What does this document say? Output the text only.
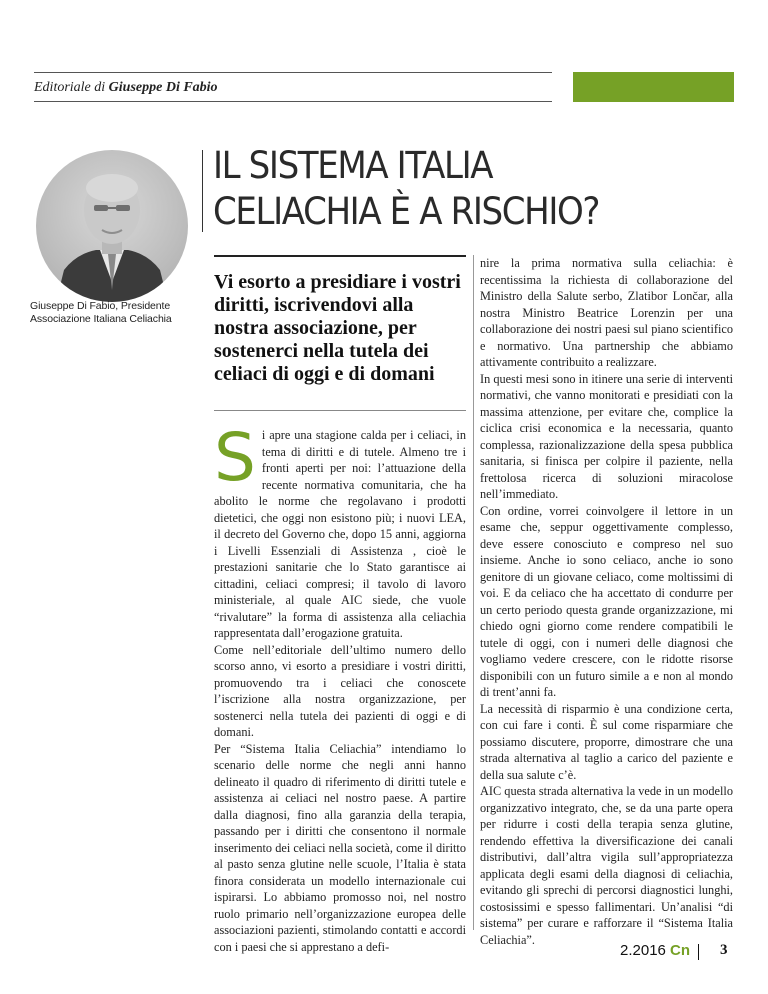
Editoriale di Giuseppe Di Fabio
Giuseppe Di Fabio, Presidente
Associazione Italiana Celiachia
IL SISTEMA ITALIA
CELIACHIA È A RISCHIO?
Vi esorto a presidiare i vostri diritti, iscrivendovi alla nostra associazione, per sostenerci nella tutela dei celiaci di oggi e di domani

Si apre una stagione calda per i celiaci, in tema di diritti e di tutele. Almeno tre i fronti aperti per noi: l’attuazione della recente normativa comunitaria, che ha abolito le norme che regolavano i prodotti dietetici, che oggi non esistono più; i nuovi LEA, il decreto del Governo che, dopo 15 anni, aggiorna i Livelli Essenziali di Assistenza , cioè le prestazioni sanitarie che lo Stato garantisce ai cittadini, celiaci compresi; il tavolo di lavoro ministeriale, al quale AIC siede, che vuole “rivalutare” la forma di assistenza alla celiachia rappresentata dall’erogazione gratuita.

Come nell’editoriale dell’ultimo numero dello scorso anno, vi esorto a presidiare i vostri diritti, promuovendo tra i celiaci che conoscete l’iscrizione alla nostra organizzazione, per sostenerci nella tutela dei pazienti di oggi e di domani.

Per “Sistema Italia Celiachia” intendiamo lo scenario delle norme che negli anni hanno delineato il quadro di riferimento di diritti tutele e assistenza ai celiaci nel nostro paese. A partire dalla diagnosi, fino alla garanzia della terapia, passando per i diritti che consentono il normale inserimento dei celiaci nella società, come il diritto al pasto senza glutine nelle scuole, l’Italia è stata finora considerata un modello internazionale cui ispirarsi. Lo abbiamo promosso noi, nel nostro ruolo primario nell’organizzazione europea delle associazioni pazienti, stimolando contatti e accordi con i paesi che si apprestano a defi-

nire la prima normativa sulla celiachia: è recentissima la richiesta di collaborazione del Ministro della Salute serbo, Zlatibor Lončar, alla nostra Ministro Beatrice Lorenzin per una collaborazione dei nostri paesi sul piano scientifico e normativo. Una partnership che abbiamo attivamente contribuito a realizzare.

In questi mesi sono in itinere una serie di interventi normativi, che vanno monitorati e presidiati con la massima attenzione, per evitare che, complice la ciclica crisi economica e la necessaria, quanto complessa, razionalizzazione della spesa pubblica sanitaria, si finisca per colpire il paziente, nella frettolosa ricerca di soluzioni miracolose nell’immediato.

Con ordine, vorrei coinvolgere il lettore in un esame che, seppur oggettivamente complesso, deve essere conosciuto e compreso nel suo insieme. Anche io sono celiaco, anche io sono genitore di un giovane celiaco, come moltissimi di voi. E da celiaco che ha accettato di condurre per un certo periodo questa grande organizzazione, mi chiedo ogni giorno come rendere compatibili le tutele di oggi, con i numeri delle diagnosi che vogliamo vedere crescere, con le ridotte risorse disponibili con un futuro simile a e non al mondo di trent’anni fa.

La necessità di risparmio è una condizione certa, con cui fare i conti. È sul come risparmiare che possiamo discutere, proporre, dimostrare che una strada alternativa al taglio a carico del paziente e della sua salute c’è.

AIC questa strada alternativa la vede in un modello organizzativo integrato, che, se da una parte opera per ridurre i costi della terapia senza glutine, rendendo effettiva la diversificazione dei canali distributivi, dall’altra vigila sull’appropriatezza applicata degli esami della diagnosi di celiachia, evitando gli sprechi di percorsi diagnostici lunghi, costosissimi e spesso fallimentari. Un’analisi “di sistema” per curare e rafforzare il “Sistema Italia Celiachia”.

2.2016 Cn 3
